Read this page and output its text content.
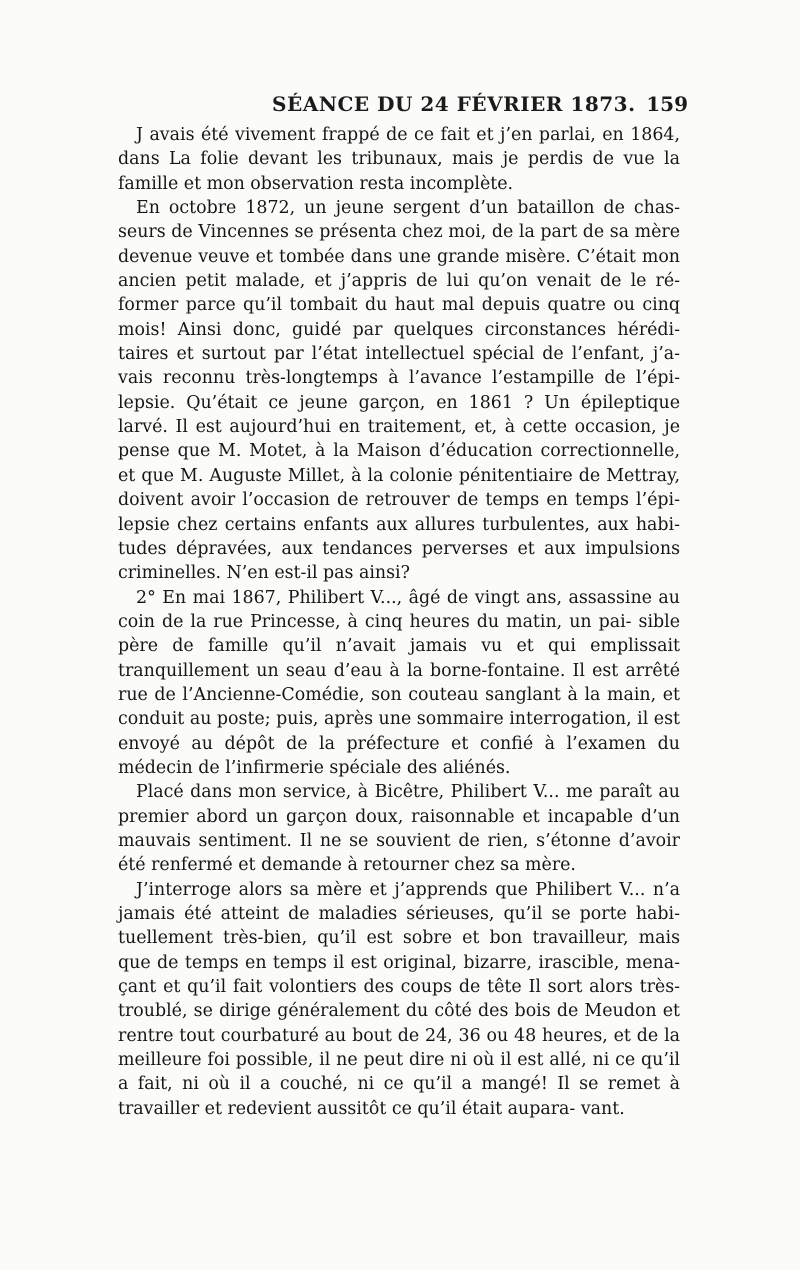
SÉANCE DU 24 FÉVRIER 1873. 159

J avais été vivement frappé de ce fait et j’en parlai, en 1864, dans La folie devant les tribunaux, mais je perdis de vue la famille et mon observation resta incomplète.

En octobre 1872, un jeune sergent d’un bataillon de chas- seurs de Vincennes se présenta chez moi, de la part de sa mère devenue veuve et tombée dans une grande misère. C’était mon ancien petit malade, et j’appris de lui qu’on venait de le ré- former parce qu’il tombait du haut mal depuis quatre ou cinq mois! Ainsi donc, guidé par quelques circonstances hérédi- taires et surtout par l’état intellectuel spécial de l’enfant, j’a- vais reconnu très-longtemps à l’avance l’estampille de l’épi- lepsie. Qu’était ce jeune garçon, en 1861 ? Un épileptique larvé. Il est aujourd’hui en traitement, et, à cette occasion, je pense que M. Motet, à la Maison d’éducation correctionnelle, et que M. Auguste Millet, à la colonie pénitentiaire de Mettray, doivent avoir l’occasion de retrouver de temps en temps l’épi- lepsie chez certains enfants aux allures turbulentes, aux habi- tudes dépravées, aux tendances perverses et aux impulsions criminelles. N’en est-il pas ainsi?

2° En mai 1867, Philibert V..., âgé de vingt ans, assassine au coin de la rue Princesse, à cinq heures du matin, un pai- sible père de famille qu’il n’avait jamais vu et qui emplissait tranquillement un seau d’eau à la borne-fontaine. Il est arrêté rue de l’Ancienne-Comédie, son couteau sanglant à la main, et conduit au poste; puis, après une sommaire interrogation, il est envoyé au dépôt de la préfecture et confié à l’examen du médecin de l’infirmerie spéciale des aliénés.

Placé dans mon service, à Bicêtre, Philibert V... me paraît au premier abord un garçon doux, raisonnable et incapable d’un mauvais sentiment. Il ne se souvient de rien, s’étonne d’avoir été renfermé et demande à retourner chez sa mère.

J’interroge alors sa mère et j’apprends que Philibert V... n’a jamais été atteint de maladies sérieuses, qu’il se porte habi- tuellement très-bien, qu’il est sobre et bon travailleur, mais que de temps en temps il est original, bizarre, irascible, mena- çant et qu’il fait volontiers des coups de tête Il sort alors très- troublé, se dirige généralement du côté des bois de Meudon et rentre tout courbaturé au bout de 24, 36 ou 48 heures, et de la meilleure foi possible, il ne peut dire ni où il est allé, ni ce qu’il a fait, ni où il a couché, ni ce qu’il a mangé! Il se remet à travailler et redevient aussitôt ce qu’il était aupara- vant.
